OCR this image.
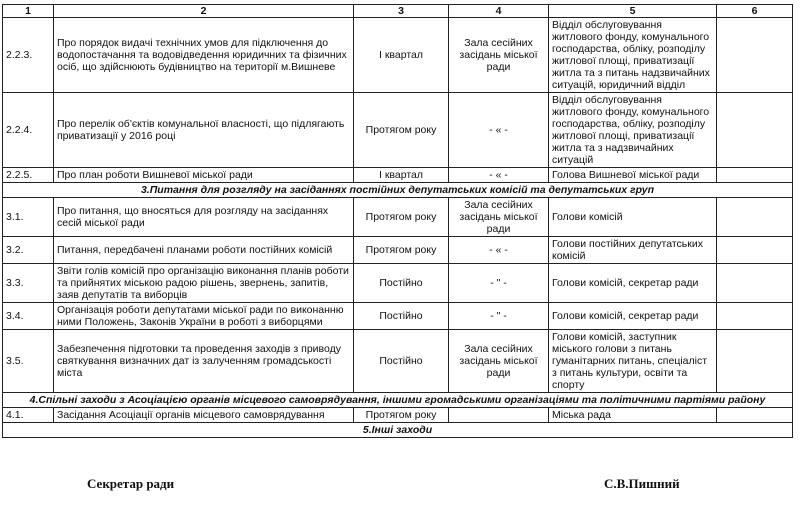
1	2	3	4	5	6
2.2.3.	Про порядок видачі технічних умов для підключення до водопостачання та водовідведення юридичних та фізичних осіб, що здійснюють будівництво на території м.Вишневе	І квартал	Зала сесійних засідань міської ради	Відділ обслуговування житлового фонду, комунального господарства, обліку, розподілу житлової площі, приватизації житла та з питань надзвичайних ситуацій, юридичний відділ	
2.2.4.	Про перелік об'єктів комунальної власності, що підлягають приватизації у 2016 році	Протягом року	- « -	Відділ обслуговування житлового фонду, комунального господарства, обліку, розподілу житлової площі, приватизації житла та з надзвичайних ситуацій	
2.2.5.	Про план роботи Вишневої міської ради	І квартал	- « -	Голова Вишневої міської ради	
3.Питання для розгляду на засіданнях постійних депутатських комісій та депутатських груп					
3.1.	Про питання, що вносяться для розгляду на засіданнях сесій міської ради	Протягом року	Зала сесійних засідань міської ради	Голови комісій	
3.2.	Питання, передбачені планами роботи постійних комісій	Протягом року	- « -	Голови постійних депутатських комісій	
3.3.	Звіти голів комісій про організацію виконання планів роботи та прийнятих міською радою рішень, звернень, запитів, заяв депутатів та виборців	Постійно	- " -	Голови комісій, секретар ради	
3.4.	Організація роботи депутатами міської ради по виконанню ними Положень, Законів України в роботі з виборцями	Постійно	- " -	Голови комісій, секретар ради	
3.5.	Забезпечення підготовки та проведення заходів з приводу святкування визначних дат із залученням громадськості міста	Постійно	Зала сесійних засідань міської ради	Голови комісій, заступник міського голови з питань гуманітарних питань, спеціаліст з питань культури, освіти та спорту	
4.Спільні заходи з Асоціацією органів місцевого самоврядування, іншими громадськими організаціями та політичними партіями району					
4.1.	Засідання Асоціації органів місцевого самоврядування	Протягом року		Міська рада	
5.Інші заходи					
Секретар ради	С.В.Пишний
